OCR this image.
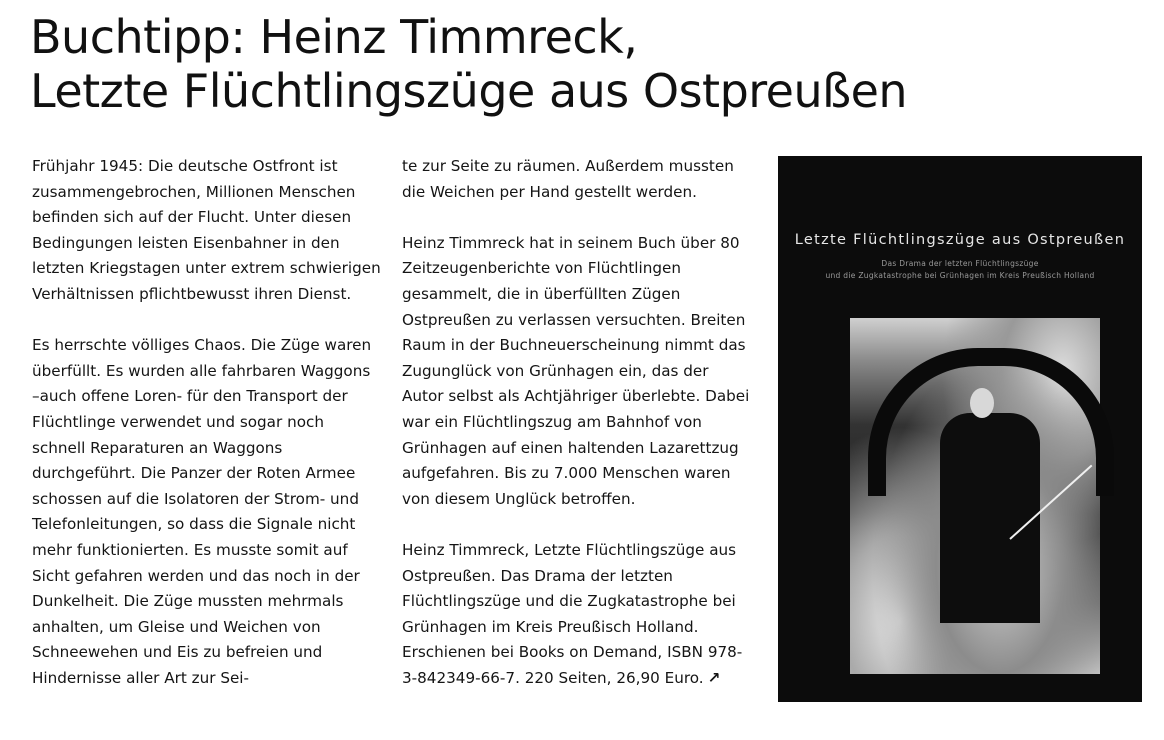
Buchtipp: Heinz Timmreck,
Letzte Flüchtlingszüge aus Ostpreußen

Frühjahr 1945: Die deutsche Ostfront ist zusammengebrochen, Millionen Menschen befinden sich auf der Flucht. Unter diesen Bedingungen leisten Eisenbahner in den letzten Kriegstagen unter extrem schwierigen Verhältnissen pflichtbewusst ihren Dienst.

Es herrschte völliges Chaos. Die Züge waren überfüllt. Es wurden alle fahrbaren Waggons –auch offene Loren- für den Transport der Flüchtlinge verwendet und sogar noch schnell Reparaturen an Waggons durchgeführt. Die Panzer der Roten Armee schossen auf die Isolatoren der Strom- und Telefonleitungen, so dass die Signale nicht mehr funktionierten. Es musste somit auf Sicht gefahren werden und das noch in der Dunkelheit. Die Züge mussten mehrmals anhalten, um Gleise und Weichen von Schneewehen und Eis zu befreien und Hindernisse aller Art zur Sei-

te zur Seite zu räumen. Außerdem mussten die Weichen per Hand gestellt werden.

Heinz Timmreck hat in seinem Buch über 80 Zeitzeugenberichte von Flüchtlingen gesammelt, die in überfüllten Zügen Ostpreußen zu verlassen versuchten. Breiten Raum in der Buchneuerscheinung nimmt das Zugunglück von Grünhagen ein, das der Autor selbst als Achtjähriger überlebte. Dabei war ein Flüchtlingszug am Bahnhof von Grünhagen auf einen haltenden Lazarettzug aufgefahren. Bis zu 7.000 Menschen waren von diesem Unglück betroffen.

Heinz Timmreck, Letzte Flüchtlingszüge aus Ostpreußen. Das Drama der letzten Flüchtlingszüge und die Zugkatastrophe bei Grünhagen im Kreis Preußisch Holland. Erschienen bei Books on Demand, ISBN 978-3-842349-66-7. 220 Seiten, 26,90 Euro. ↗

Letzte Flüchtlingszüge aus Ostpreußen
Das Drama der letzten Flüchtlingszüge
und die Zugkatastrophe bei Grünhagen im Kreis Preußisch Holland
